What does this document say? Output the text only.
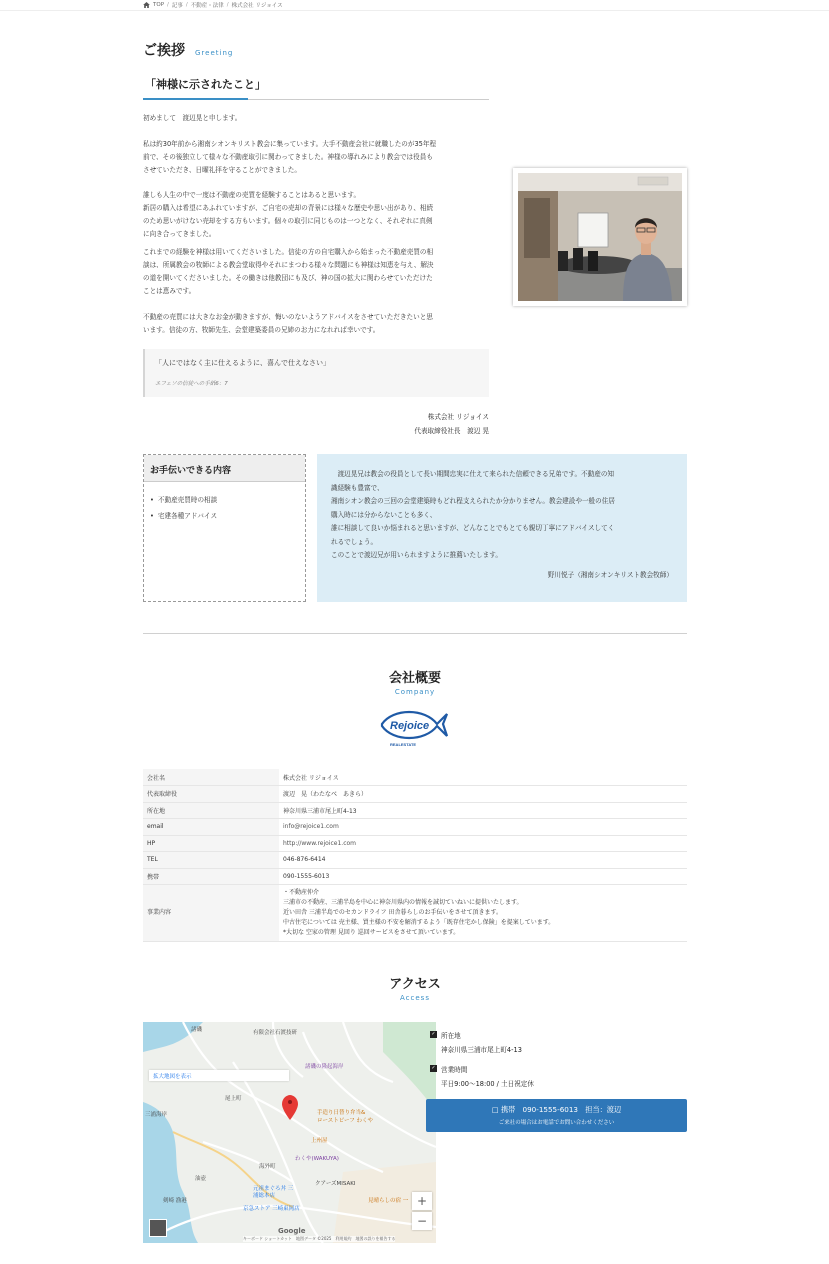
TOP / 記事 / 不動産・法律 / 株式会社 リジョイス
ご挨拶 Greeting
「神様に示されたこと」
初めまして　渡辺晃と申します。
私は約30年前から湘南シオンキリスト教会に集っています。大手不動産会社に就職したのが35年程
前で、その後独立して様々な不動産取引に関わってきました。神様の導れみにより教会では役員も
させていただき、日曜礼拝を守ることができました。
誰しも人生の中で一度は不動産の売買を経験することはあると思います。
新居の購入は希望にあふれていますが、ご自宅の売却の背景には様々な歴史や思い出があり、相続
のため思いがけない売却をする方もいます。個々の取引に同じものは一つとなく、それぞれに真剣
に向き合ってきました。
これまでの経験を神様は用いてくださいました。信徒の方の自宅購入から始まった不動産売買の相
談は、所属教会の牧師による教会堂取得やそれにまつわる様々な問題にも神様は知恵を与え、解決
の道を開いてくださいました。その働きは他教団にも及び、神の国の拡大に関わらせていただけた
ことは恵みです。
不動産の売買には大きなお金が動きますが、悔いのないようアドバイスをさせていただきたいと思
います。信徒の方、牧師先生、会堂建築委員の兄姉のお力になれれば幸いです。
「人にではなく主に仕えるように、喜んで仕えなさい」
エフェソの信徒への手紙6：7
株式会社 リジョイス
代表取締役社長　渡辺 晃
お手伝いできる内容
• 不動産売買時の相談
• 宅建各種アドバイス
　渡辺晃兄は教会の役員として長い期間忠実に仕えて来られた信頼できる兄弟です。不動産の知
識経験も豊富で、
湘南シオン教会の三回の会堂建築時もどれ程支えられたか分かりません。教会建設や一般の住居
購入時には分からないことも多く、
誰に相談して良いか悩まれると思いますが、どんなことでもとても親切丁寧にアドバイスしてく
れるでしょう。
このことで渡辺兄が用いられますように推薦いたします。
野川悦子（湘南シオンキリスト教会牧師）
会社概要
Company
Rejoice
REALESTATE
会社名	株式会社 リジョイス
代表取締役	渡辺　晃（わたなべ　あきら）
所在地	神奈川県三浦市尾上町4-13
email	info@rejoice1.com
HP	http://www.rejoice1.com
TEL	046-876-6414
携帯	090-1555-6013
事業内容	・不動産仲介
三浦市の不動産、三浦半島を中心に神奈川県内の情報を誠切ていねいに提供いたします。
近い田舎 三浦半島でのセカンドライフ 田舎暮らしのお手伝いをさせて頂きます。
中古住宅については 売主様、買主様の不安を解消するよう「既存住宅かし保険」を提案しています。
*大切な 空家の管理 見回り 巡回サービスをさせて頂いています。
アクセス
Access
拡大地図を表示
諸磯	有限会社石渡技研
諸磯の隆起海岸
尾上町
三浦海岸	手造り日替り弁当&
ローストビーフ わくや
上州屋
わくや(WAKUYA)
海外町
クアーズMISAKI
油壺
元祖まぐろ丼 三
浦総本店
京急ストア 三崎東岡店
剣崎 漁港	見晴らしの宿 一 +
−
Google
キーボード ショートカット　地図データ ©2025　利用規約　地図の誤りを報告する
✓ 所在地
神奈川県三浦市尾上町4-13
✓ 営業時間
平日9:00〜18:00 / 土日祝定休
□ 携帯　090-1555-6013　担当：渡辺
ご来社の場合はお電話でお問い合わせください
